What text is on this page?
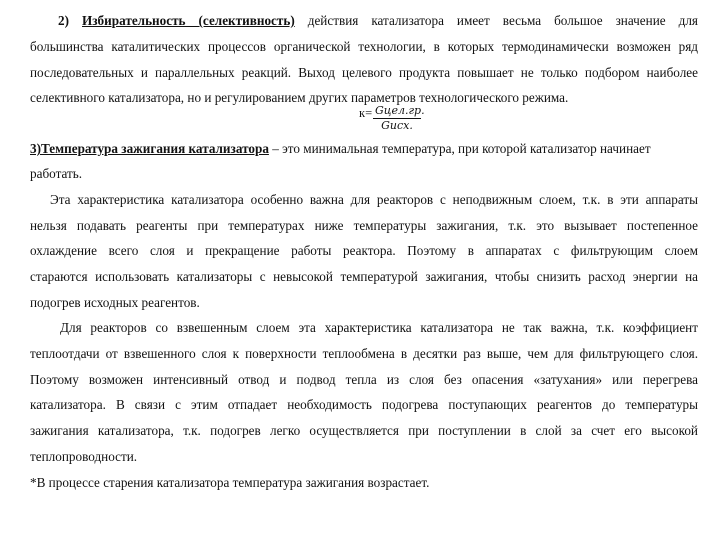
2) Избирательность (селективность) действия катализатора имеет весьма большое значение для
большинства каталитических процессов органической технологии, в которых термодинамически возможен ряд
последовательных и параллельных реакций. Выход целевого продукта повышает не только подбором наиболее
селективного катализатора, но и регулированием других параметров технологического режима.
к= Gцел.гр.
Gисх.
3)Температура зажигания катализатора – это минимальная температура, при которой катализатор начинает
работать.
Эта характеристика катализатора особенно важна для реакторов с неподвижным слоем, т.к. в эти аппараты
нельзя подавать реагенты при температурах ниже температуры зажигания, т.к. это вызывает постепенное
охлаждение всего слоя и прекращение работы реактора. Поэтому в аппаратах с фильтрующим слоем
стараются использовать катализаторы с невысокой температурой зажигания, чтобы снизить расход энергии на
подогрев исходных реагентов.
Для реакторов со взвешенным слоем эта характеристика катализатора не так важна, т.к. коэффициент
теплоотдачи от взвешенного слоя к поверхности теплообмена в десятки раз выше, чем для фильтрующего слоя.
Поэтому возможен интенсивный отвод и подвод тепла из слоя без опасения «затухания» или перегрева
катализатора. В связи с этим отпадает необходимость подогрева поступающих реагентов до температуры
зажигания катализатора, т.к. подогрев легко осуществляется при поступлении в слой за счет его высокой
теплопроводности.
*В процессе старения катализатора температура зажигания возрастает.
